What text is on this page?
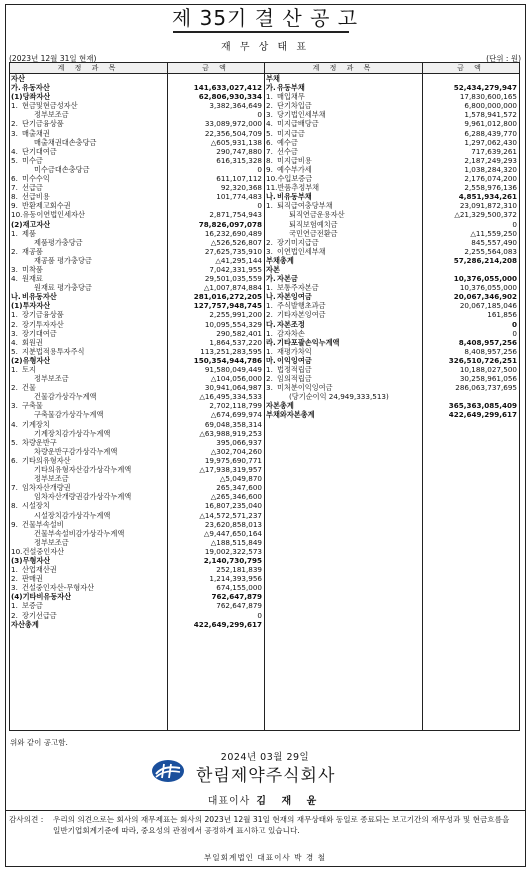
제 35기 결 산 공 고
재 무 상 태 표
(2023년 12월 31일 현재)	(단위 : 원)
계 정 과 목	금 액	계 정 과 목	금 액
자산
가. 유동자산	141,633,027,412
(1) 당좌자산	62,806,930,334
1. 현금및현금성자산	3,382,364,649
정부보조금	0
2. 단기금융상품	33,089,972,000
3. 매출채권	22,356,504,709
매출채권대손충당금	△605,931,138
4. 단기대여금	290,747,880
5. 미수금	616,315,328
미수금대손충당금	0
6. 미수수익	611,107,112
7. 선급금	92,320,368
8. 선급비용	101,774,483
9. 반환제고회수권	0
10. 유동이연법인세자산	2,871,754,943
(2) 재고자산	78,826,097,078
1. 제품	16,232,690,489
제품평가충당금	△526,526,807
2. 재공품	27,625,735,910
재공품 평가충당금	△41,295,144
3. 미착품	7,042,331,955
4. 원재료	29,501,035,559
원재료 평가충당금	△1,007,874,884
나. 비유동자산	281,016,272,205
(1) 투자자산	127,757,948,745
1. 장기금융상품	2,255,991,200
2. 장기투자자산	10,095,554,329
3. 장기대여금	290,582,401
4. 회원권	1,864,537,220
5. 지분법적용투자주식	113,251,283,595
(2) 유형자산	150,354,944,786
1. 토지	91,580,049,449
정부보조금	△104,056,000
2. 건물	30,941,064,987
건물감가상각누계액	△16,495,334,533
3. 구축물	2,702,118,799
구축물감가상각누계액	△674,699,974
4. 기계장치	69,048,358,314
기계장치감가상각누계액	△63,988,919,253
5. 차량운반구	395,066,937
차량운반구감가상각누계액	△302,704,260
6. 기타의유형자산	19,975,690,771
기타의유형자산감가상각누계액	△17,938,319,957
정부보조금	△5,049,870
7. 임차자산개량권	265,347,600
임차자산개량권감가상각누계액	△265,346,600
8. 시설장치	16,807,235,040
시설장치감가상각누계액	△14,572,571,237
9. 건물부속설비	23,620,858,013
건물부속설비감가상각누계액	△9,447,650,164
정부보조금	△188,515,849
10. 건설중인자산	19,002,322,573
(3) 무형자산	2,140,730,795
1. 산업재산권	252,181,839
2. 판매권	1,214,393,956
3. 건설중인자산-무형자산	674,155,000
(4) 기타비유동자산	762,647,879
1. 보증금	762,647,879
2. 장기선급금	0
자산총계	422,649,299,617
부채
가. 유동부채	52,434,279,947
1. 매입채무	17,830,600,165
2. 단기차입금	6,800,000,000
3. 당기법인세부채	1,578,941,572
4. 미지급배당금	9,961,012,800
5. 미지급금	6,288,439,770
6. 예수금	1,297,062,430
7. 선수금	717,639,261
8. 미지급비용	2,187,249,293
9. 예수부가세	1,038,284,320
10. 수입보증금	2,176,074,200
11. 반품추정부채	2,558,976,136
나. 비유동부채	4,851,934,261
1. 퇴직급여충당부채	23,091,872,310
퇴직연금운용자산	△21,329,500,372
퇴직보험예치금	0
국민연금전환금	△11,559,250
2. 장기미지급금	845,557,490
3. 이연법인세부채	2,255,564,083
부채총계	57,286,214,208
자본
가. 자본금	10,376,055,000
1. 보통주자본금	10,376,055,000
나. 자본잉여금	20,067,346,902
1. 주식발행초과금	20,067,185,046
2. 기타자본잉여금	161,856
다. 자본조정	0
1. 감자차손	0
라. 기타포괄손익누계액	8,408,957,256
1. 재평가차익	8,408,957,256
마. 이익잉여금	326,510,726,251
1. 법정적립금	10,188,027,500
2. 임의적립금	30,258,961,056
3. 미처분이익잉여금	286,063,737,695
(당기순이익 24,949,333,513)
자본총계	365,363,085,409
부채와자본총계	422,649,299,617
위와 같이 공고함.
2024년 03월 29일
한림제약주식회사
대표이사 김 재 윤
감사의견 :	우리의 의견으로는 회사의 재무제표는 회사의 2023년 12월 31일 현재의 재무상태와 동일로 종료되는 보고기간의 재무성과 및 현금흐름을 일반기업회계기준에 따라, 중요성의 관점에서 공정하게 표시하고 있습니다.
부일회계법인 대표이사 박 경 철
